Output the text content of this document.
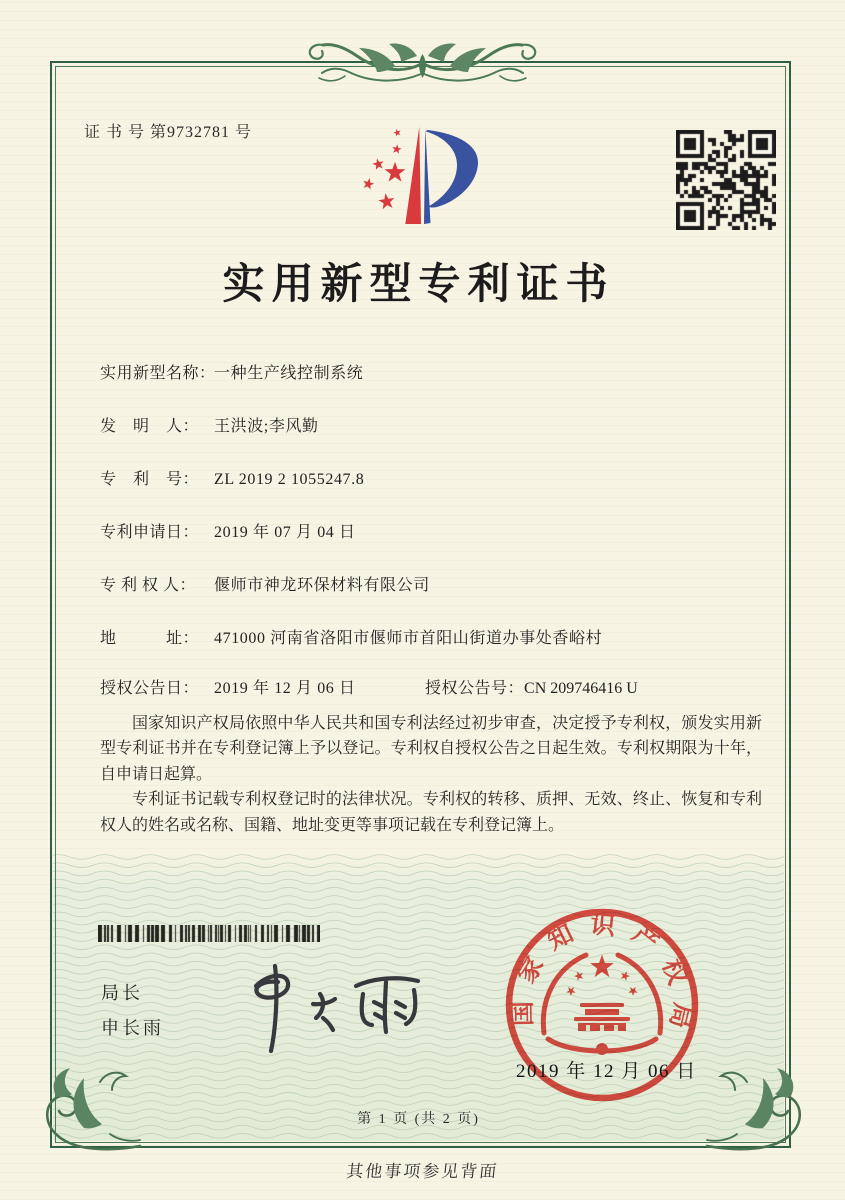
证 书 号 第9732781 号
实用新型专利证书
实用新型名称：一种生产线控制系统
发　明　人： 王洪波;李风勤
专　利　号： ZL 2019 2 1055247.8
专利申请日： 2019 年 07 月 04 日
专 利 权 人： 偃师市神龙环保材料有限公司
地　　　址： 471000 河南省洛阳市偃师市首阳山街道办事处香峪村
授权公告日： 2019 年 12 月 06 日	授权公告号：CN 209746416 U

国家知识产权局依照中华人民共和国专利法经过初步审查，决定授予专利权，颁发实用新型专利证书并在专利登记簿上予以登记。专利权自授权公告之日起生效。专利权期限为十年，自申请日起算。

专利证书记载专利权登记时的法律状况。专利权的转移、质押、无效、终止、恢复和专利权人的姓名或名称、国籍、地址变更等事项记载在专利登记簿上。

局长
申长雨
国家知识产权局
2019 年 12 月 06 日
第 1 页 (共 2 页)
其他事项参见背面
